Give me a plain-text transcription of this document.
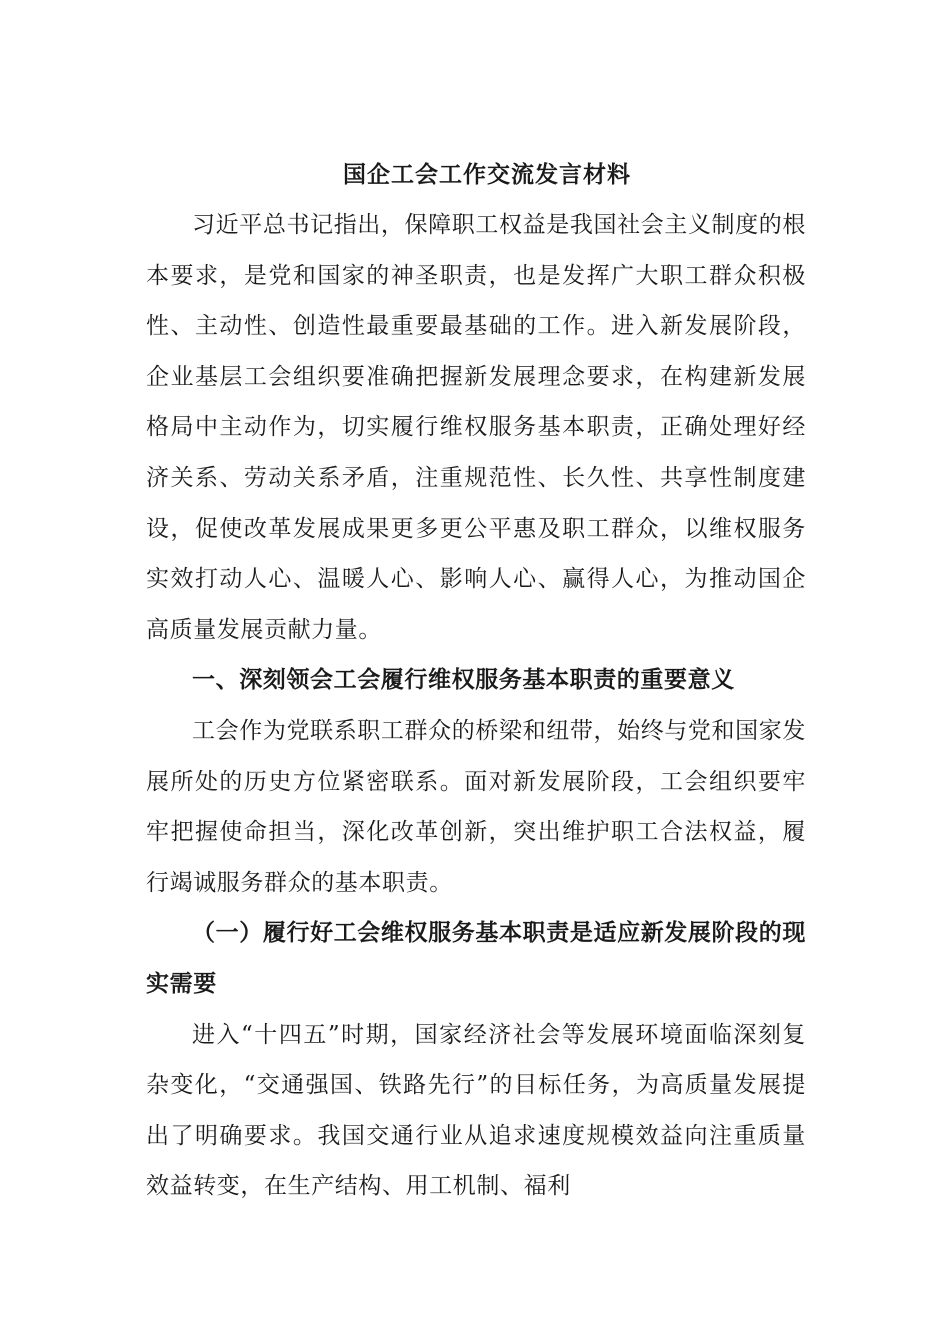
国企工会工作交流发言材料

习近平总书记指出，保障职工权益是我国社会主义制度的根本要求，是党和国家的神圣职责，也是发挥广大职工群众积极性、主动性、创造性最重要最基础的工作。进入新发展阶段，企业基层工会组织要准确把握新发展理念要求，在构建新发展格局中主动作为，切实履行维权服务基本职责，正确处理好经济关系、劳动关系矛盾，注重规范性、长久性、共享性制度建设，促使改革发展成果更多更公平惠及职工群众，以维权服务实效打动人心、温暖人心、影响人心、赢得人心，为推动国企高质量发展贡献力量。

一、深刻领会工会履行维权服务基本职责的重要意义

工会作为党联系职工群众的桥梁和纽带，始终与党和国家发展所处的历史方位紧密联系。面对新发展阶段，工会组织要牢牢把握使命担当，深化改革创新，突出维护职工合法权益，履行竭诚服务群众的基本职责。

（一）履行好工会维权服务基本职责是适应新发展阶段的现实需要

进入“十四五”时期，国家经济社会等发展环境面临深刻复杂变化，“交通强国、铁路先行”的目标任务，为高质量发展提出了明确要求。我国交通行业从追求速度规模效益向注重质量效益转变，在生产结构、用工机制、福利
